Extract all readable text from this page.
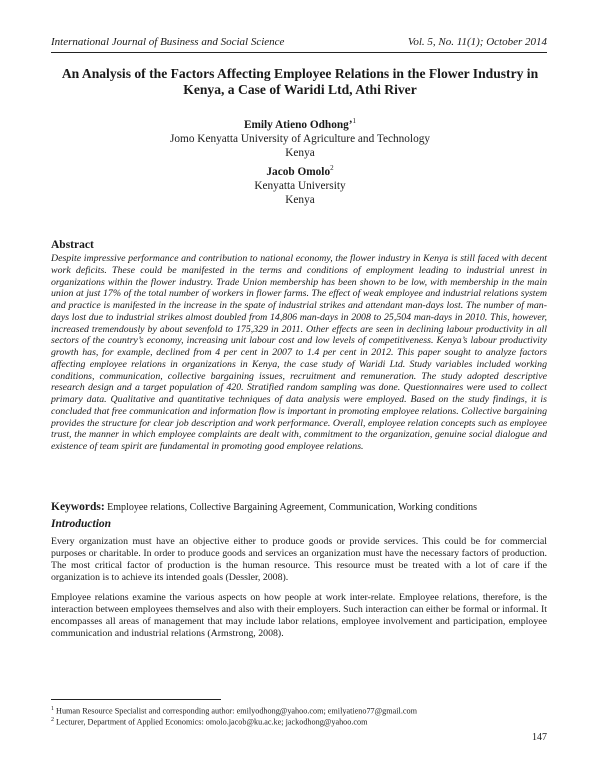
International Journal of Business and Social Science	Vol. 5, No. 11(1); October 2014
An Analysis of the Factors Affecting Employee Relations in the Flower Industry in Kenya, a Case of Waridi Ltd, Athi River
Emily Atieno Odhong’$^1$
Jomo Kenyatta University of Agriculture and Technology
Kenya
Jacob Omolo$^2$
Kenyatta University
Kenya
Abstract
Despite impressive performance and contribution to national economy, the flower industry in Kenya is still faced with decent work deficits. These could be manifested in the terms and conditions of employment leading to industrial unrest in organizations within the flower industry. Trade Union membership has been shown to be low, with membership in the main union at just 17% of the total number of workers in flower farms. The effect of weak employee and industrial relations system and practice is manifested in the increase in the spate of industrial strikes and attendant man-days lost. The number of man-days lost due to industrial strikes almost doubled from 14,806 man-days in 2008 to 25,504 man-days in 2010. This, however, increased tremendously by about sevenfold to 175,329 in 2011. Other effects are seen in declining labour productivity in all sectors of the country’s economy, increasing unit labour cost and low levels of competitiveness. Kenya’s labour productivity growth has, for example, declined from 4 per cent in 2007 to 1.4 per cent in 2012. This paper sought to analyze factors affecting employee relations in organizations in Kenya, the case study of Waridi Ltd. Study variables included working conditions, communication, collective bargaining issues, recruitment and remuneration. The study adopted descriptive research design and a target population of 420. Stratified random sampling was done. Questionnaires were used to collect primary data. Qualitative and quantitative techniques of data analysis were employed. Based on the study findings, it is concluded that free communication and information flow is important in promoting employee relations. Collective bargaining provides the structure for clear job description and work performance. Overall, employee relation concepts such as employee trust, the manner in which employee complaints are dealt with, commitment to the organization, genuine social dialogue and existence of team spirit are fundamental in promoting good employee relations.
Keywords: Employee relations, Collective Bargaining Agreement, Communication, Working conditions
Introduction
Every organization must have an objective either to produce goods or provide services. This could be for commercial purposes or charitable. In order to produce goods and services an organization must have the necessary factors of production. The most critical factor of production is the human resource. This resource must be treated with a lot of care if the organization is to achieve its intended goals (Dessler, 2008).
Employee relations examine the various aspects on how people at work inter-relate. Employee relations, therefore, is the interaction between employees themselves and also with their employers. Such interaction can either be formal or informal. It encompasses all areas of management that may include labor relations, employee involvement and participation, employee communication and industrial relations (Armstrong, 2008).
$^1$ Human Resource Specialist and corresponding author: emilyodhong@yahoo.com; emilyatieno77@gmail.com
$^2$ Lecturer, Department of Applied Economics: omolo.jacob@ku.ac.ke; jackodhong@yahoo.com
147
